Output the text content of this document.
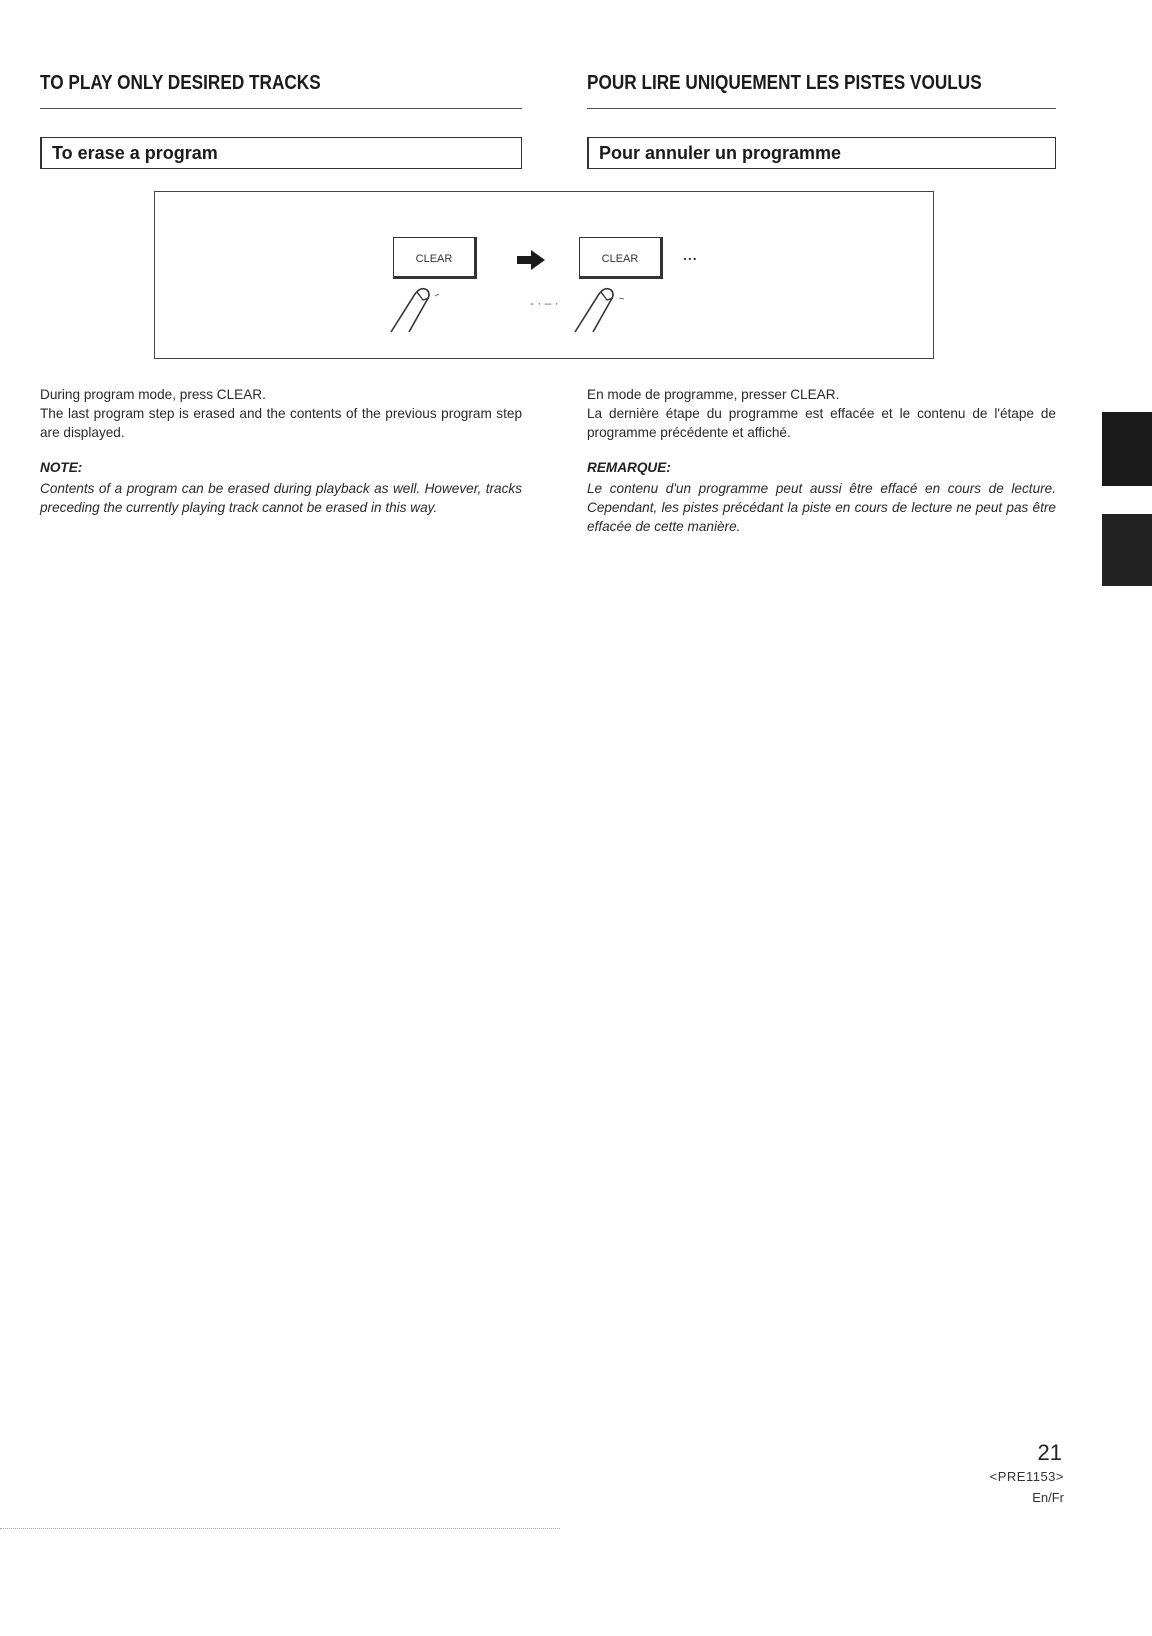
TO PLAY ONLY DESIRED TRACKS
To erase a program

During program mode, press CLEAR.

The last program step is erased and the contents of the previous program step are displayed.

NOTE:
Contents of a program can be erased during playback as well. However, tracks preceding the currently playing track cannot be erased in this way.
POUR LIRE UNIQUEMENT LES PISTES VOULUS
Pour annuler un programme

En mode de programme, presser CLEAR.

La dernière étape du programme est effacée et le contenu de l'étape de programme précédente et affiché.

REMARQUE:
Le contenu d'un programme peut aussi être effacé en cours de lecture. Cependant, les pistes précédant la piste en cours de lecture ne peut pas être effacée de cette manière.
CLEAR	CLEAR	...
- · – ·
21
<PRE1153>
En/Fr
